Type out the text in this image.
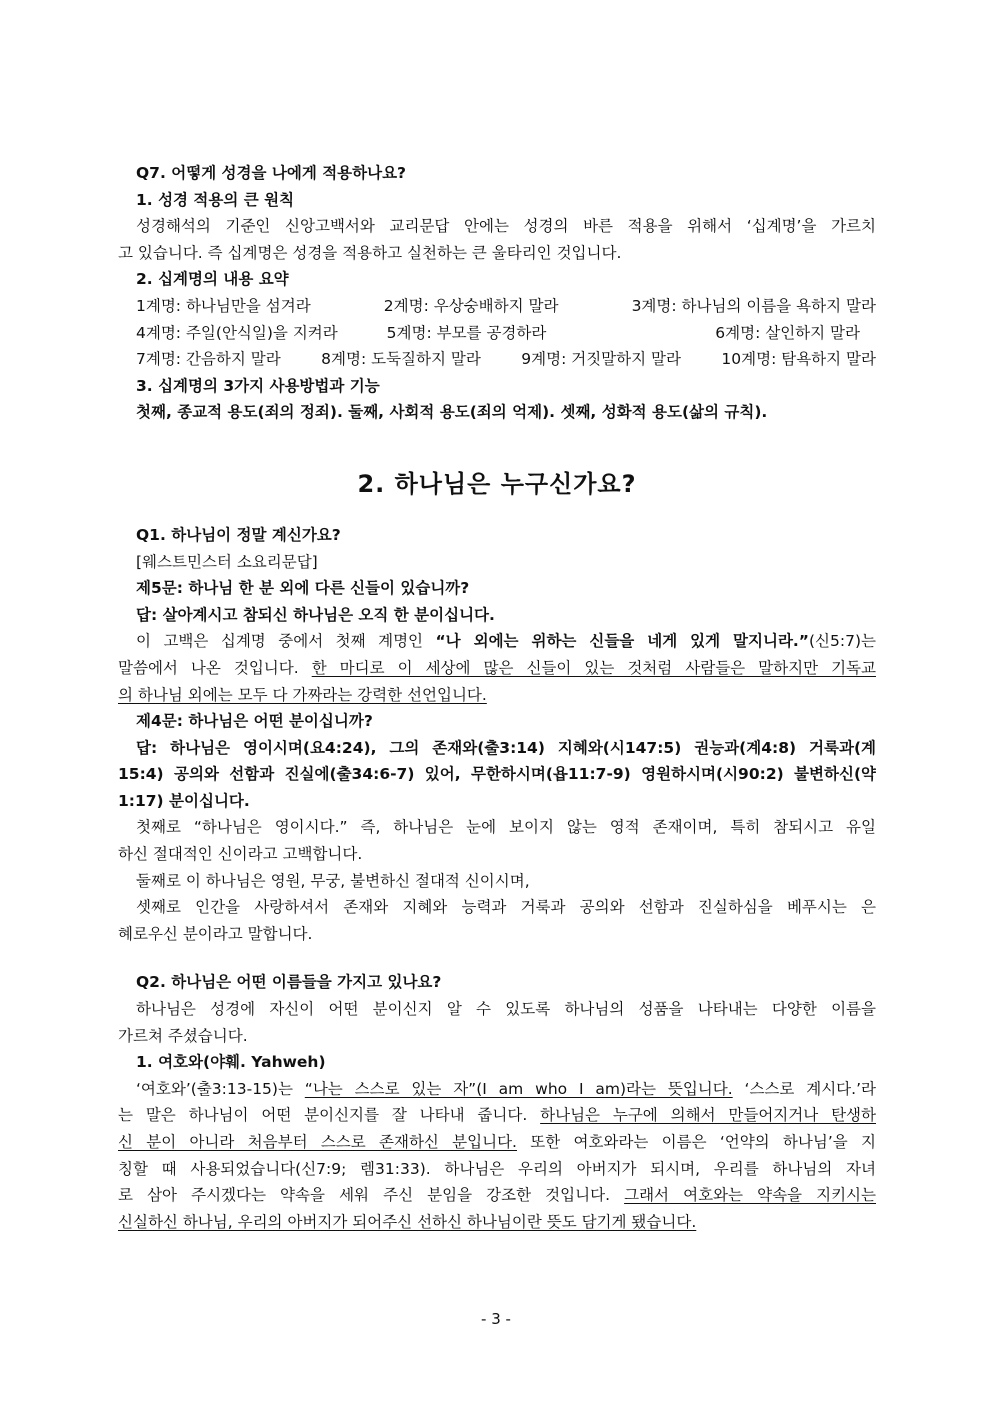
Q7. 어떻게 성경을 나에게 적용하나요?
1. 성경 적용의 큰 원칙
성경해석의 기준인 신앙고백서와 교리문답 안에는 성경의 바른 적용을 위해서 ‘십계명’을 가르치
고 있습니다. 즉 십계명은 성경을 적용하고 실천하는 큰 울타리인 것입니다.
2. 십계명의 내용 요약
1계명: 하나님만을 섬겨라	2계명: 우상숭배하지 말라	3계명: 하나님의 이름을 욕하지 말라
4계명: 주일(안식일)을 지켜라	5계명: 부모를 공경하라	6계명: 살인하지 말라
7계명: 간음하지 말라	8계명: 도둑질하지 말라	9계명: 거짓말하지 말라	10계명: 탐욕하지 말라
3. 십계명의 3가지 사용방법과 기능
첫째, 종교적 용도(죄의 정죄). 둘째, 사회적 용도(죄의 억제). 셋째, 성화적 용도(삶의 규칙).
2. 하나님은 누구신가요?
Q1. 하나님이 정말 계신가요?
[웨스트민스터 소요리문답]
제5문: 하나님 한 분 외에 다른 신들이 있습니까?
답: 살아계시고 참되신 하나님은 오직 한 분이십니다.
이 고백은 십계명 중에서 첫째 계명인 “나 외에는 위하는 신들을 네게 있게 말지니라.”(신5:7)는
말씀에서 나온 것입니다. 한 마디로 이 세상에 많은 신들이 있는 것처럼 사람들은 말하지만 기독교
의 하나님 외에는 모두 다 가짜라는 강력한 선언입니다.
제4문: 하나님은 어떤 분이십니까?
답: 하나님은 영이시며(요4:24), 그의 존재와(출3:14) 지혜와(시147:5) 권능과(계4:8) 거룩과(계
15:4) 공의와 선함과 진실에(출34:6-7) 있어, 무한하시며(욥11:7-9) 영원하시며(시90:2) 불변하신(약
1:17) 분이십니다.
첫째로 “하나님은 영이시다.” 즉, 하나님은 눈에 보이지 않는 영적 존재이며, 특히 참되시고 유일
하신 절대적인 신이라고 고백합니다.
둘째로 이 하나님은 영원, 무궁, 불변하신 절대적 신이시며,
셋째로 인간을 사랑하셔서 존재와 지혜와 능력과 거룩과 공의와 선함과 진실하심을 베푸시는 은
혜로우신 분이라고 말합니다.
Q2. 하나님은 어떤 이름들을 가지고 있나요?
하나님은 성경에 자신이 어떤 분이신지 알 수 있도록 하나님의 성품을 나타내는 다양한 이름을
가르쳐 주셨습니다.
1. 여호와(야훼. Yahweh)
‘여호와’(출3:13-15)는 “나는 스스로 있는 자”(I am who I am)라는 뜻입니다. ‘스스로 계시다.’라
는 말은 하나님이 어떤 분이신지를 잘 나타내 줍니다. 하나님은 누구에 의해서 만들어지거나 탄생하
신 분이 아니라 처음부터 스스로 존재하신 분입니다. 또한 여호와라는 이름은 ‘언약의 하나님’을 지
칭할 때 사용되었습니다(신7:9; 렘31:33). 하나님은 우리의 아버지가 되시며, 우리를 하나님의 자녀
로 삼아 주시겠다는 약속을 세워 주신 분임을 강조한 것입니다. 그래서 여호와는 약속을 지키시는
신실하신 하나님, 우리의 아버지가 되어주신 선하신 하나님이란 뜻도 담기게 됐습니다.
- 3 -
